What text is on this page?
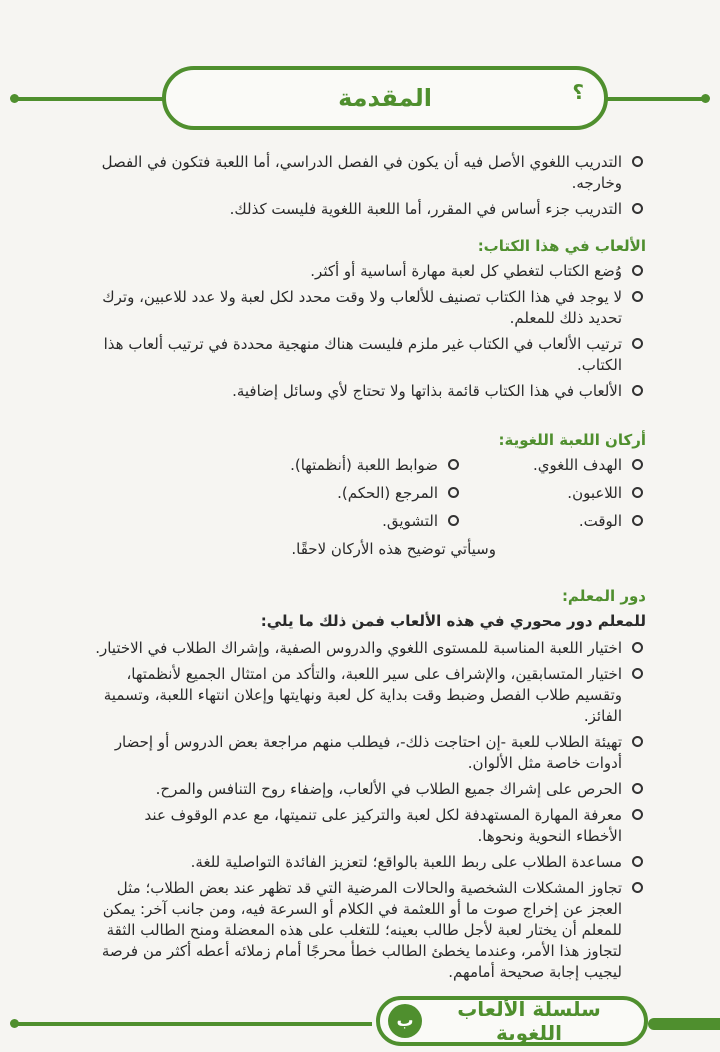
؟
المقدمة
التدريب اللغوي الأصل فيه أن يكون في الفصل الدراسي، أما اللعبة فتكون في الفصل وخارجه.
التدريب جزء أساس في المقرر، أما اللعبة اللغوية فليست كذلك.
الألعاب في هذا الكتاب:
وُضع الكتاب لتغطي كل لعبة مهارة أساسية أو أكثر.
لا يوجد في هذا الكتاب تصنيف للألعاب ولا وقت محدد لكل لعبة ولا عدد للاعبين، وترك تحديد ذلك للمعلم.
ترتيب الألعاب في الكتاب غير ملزم فليست هناك منهجية محددة في ترتيب ألعاب هذا الكتاب.
الألعاب في هذا الكتاب قائمة بذاتها ولا تحتاج لأي وسائل إضافية.
أركان اللعبة اللغوية:
الهدف اللغوي.
ضوابط اللعبة (أنظمتها).
اللاعبون.
المرجع (الحكم).
الوقت.
التشويق.
وسيأتي توضيح هذه الأركان لاحقًا.
دور المعلم:
للمعلم دور محوري في هذه الألعاب فمن ذلك ما يلي:
اختيار اللعبة المناسبة للمستوى اللغوي والدروس الصفية، وإشراك الطلاب في الاختيار.
اختيار المتسابقين، والإشراف على سير اللعبة، والتأكد من امتثال الجميع لأنظمتها، وتقسيم طلاب الفصل وضبط وقت بداية كل لعبة ونهايتها وإعلان انتهاء اللعبة، وتسمية الفائز.
تهيئة الطلاب للعبة -إن احتاجت ذلك-، فيطلب منهم مراجعة بعض الدروس أو إحضار أدوات خاصة مثل الألوان.
الحرص على إشراك جميع الطلاب في الألعاب، وإضفاء روح التنافس والمرح.
معرفة المهارة المستهدفة لكل لعبة والتركيز على تنميتها، مع عدم الوقوف عند الأخطاء النحوية ونحوها.
مساعدة الطلاب على ربط اللعبة بالواقع؛ لتعزيز الفائدة التواصلية للغة.
تجاوز المشكلات الشخصية والحالات المرضية التي قد تظهر عند بعض الطلاب؛ مثل العجز عن إخراج صوت ما أو اللعثمة في الكلام أو السرعة فيه، ومن جانب آخر: يمكن للمعلم أن يختار لعبة لأجل طالب بعينه؛ للتغلب على هذه المعضلة ومنح الطالب الثقة لتجاوز هذا الأمر، وعندما يخطئ الطالب خطأ محرجًا أمام زملائه أعطه أكثر من فرصة ليجيب إجابة صحيحة أمامهم.
سلسلة الألعاب اللغوية
ب
